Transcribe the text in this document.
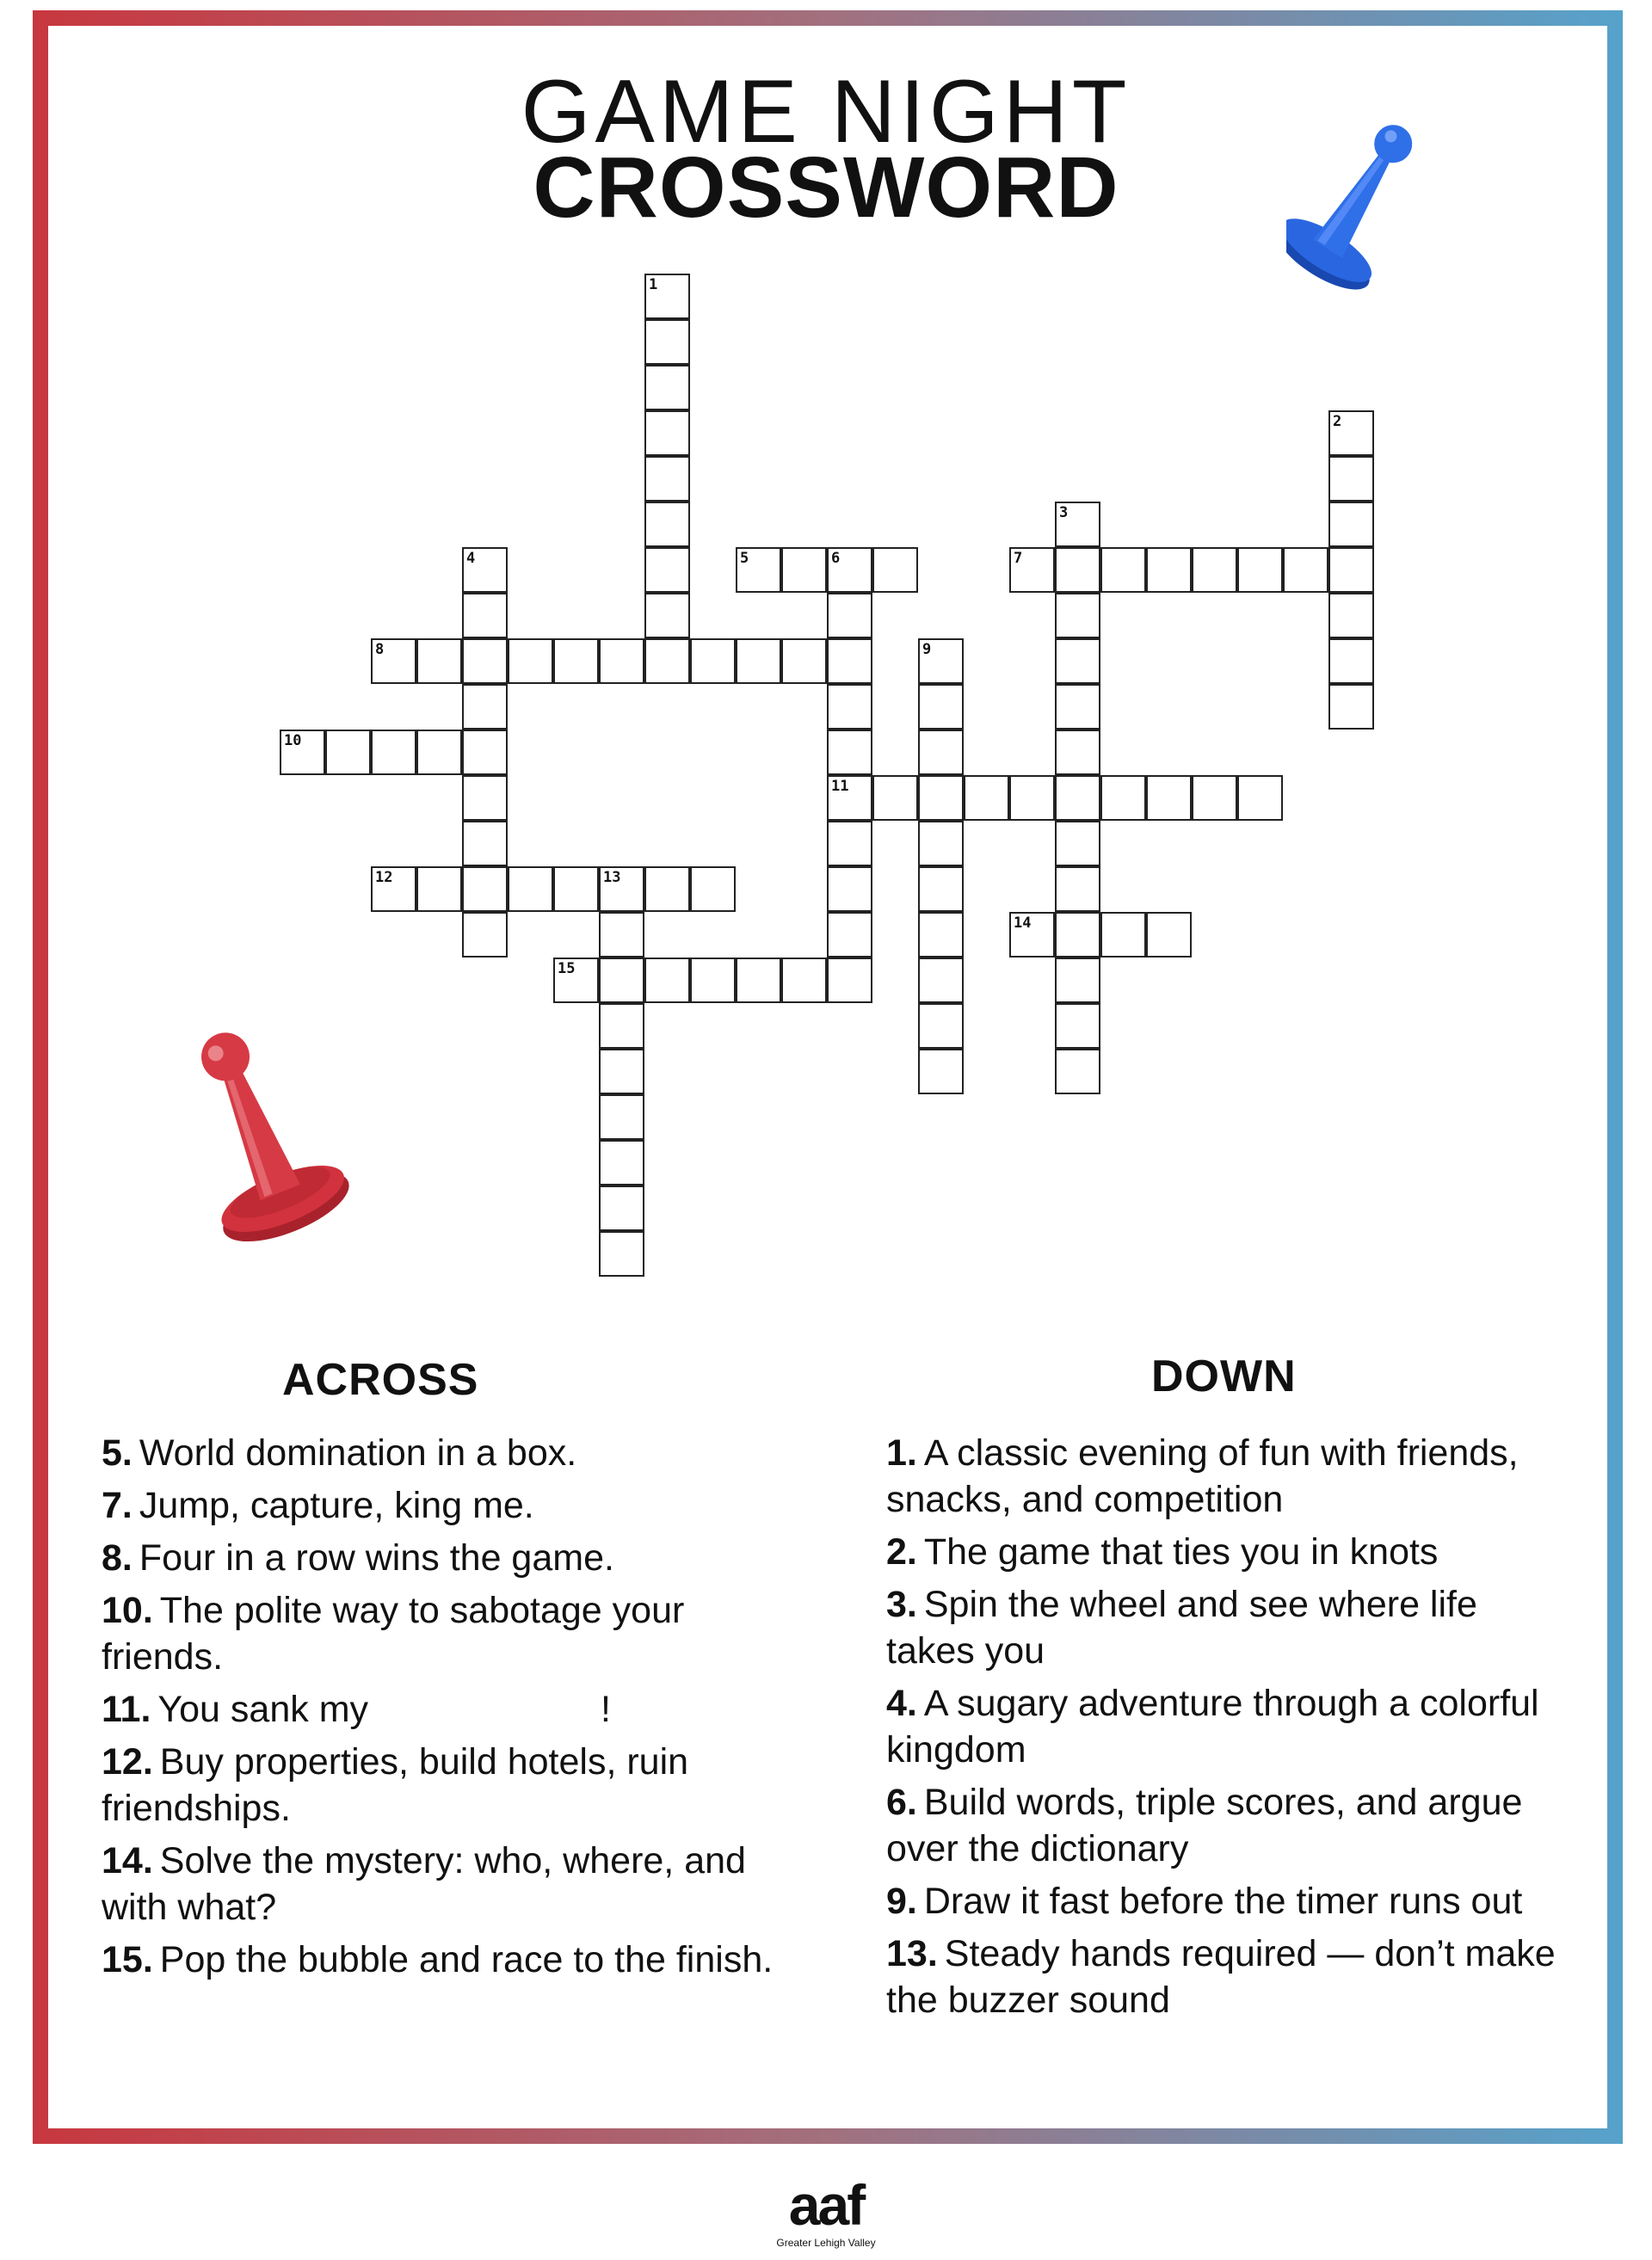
GAME NIGHT
CROSSWORD
1
2
3
4	5	6
11
7
8	9
10
12	13
14
15
ACROSS
5. World domination in a box.
7. Jump, capture, king me.
8. Four in a row wins the game.
10. The polite way to sabotage your friends.
11. You sank my	!
12. Buy properties, build hotels, ruin friendships.
14. Solve the mystery: who, where, and with what?
15. Pop the bubble and race to the finish.
DOWN
1. A classic evening of fun with friends, snacks, and competition
2. The game that ties you in knots
3. Spin the wheel and see where life takes you
4. A sugary adventure through a colorful kingdom
6. Build words, triple scores, and argue over the dictionary
9. Draw it fast before the timer runs out
13. Steady hands required — don’t make the buzzer sound
aaf
Greater Lehigh Valley
